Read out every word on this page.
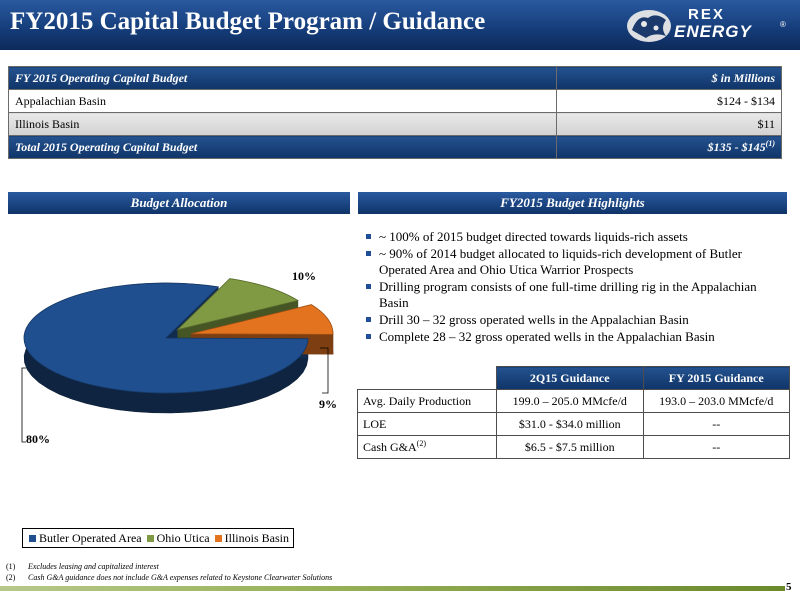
FY2015 Capital Budget Program / Guidance	REX
ENERGY	®
FY 2015 Operating Capital Budget	$ in Millions
Appalachian Basin	$124 - $134
Illinois Basin	$11
Total 2015 Operating Capital Budget	$135 - $145$^{(1)}$
Budget Allocation	FY2015 Budget Highlights
80%
10%
9%
Butler Operated Area Ohio Utica Illinois Basin
~ 100% of 2015 budget directed towards liquids-rich assets
~ 90% of 2014 budget allocated to liquids-rich development of Butler Operated Area and Ohio Utica Warrior Prospects
Drilling program consists of one full-time drilling rig in the Appalachian Basin
Drill 30 – 32 gross operated wells in the Appalachian Basin
Complete 28 – 32 gross operated wells in the Appalachian Basin
	2Q15 Guidance	FY 2015 Guidance
Avg. Daily Production	199.0 – 205.0 MMcfe/d	193.0 – 203.0 MMcfe/d
LOE	$31.0 - $34.0 million	--
Cash $G\&A^{(2)}$	$6.5 - $7.5 million	--
(1) Excludes leasing and capitalized interest
(2) Cash G&A guidance does not include G&A expenses related to Keystone Clearwater Solutions
5
